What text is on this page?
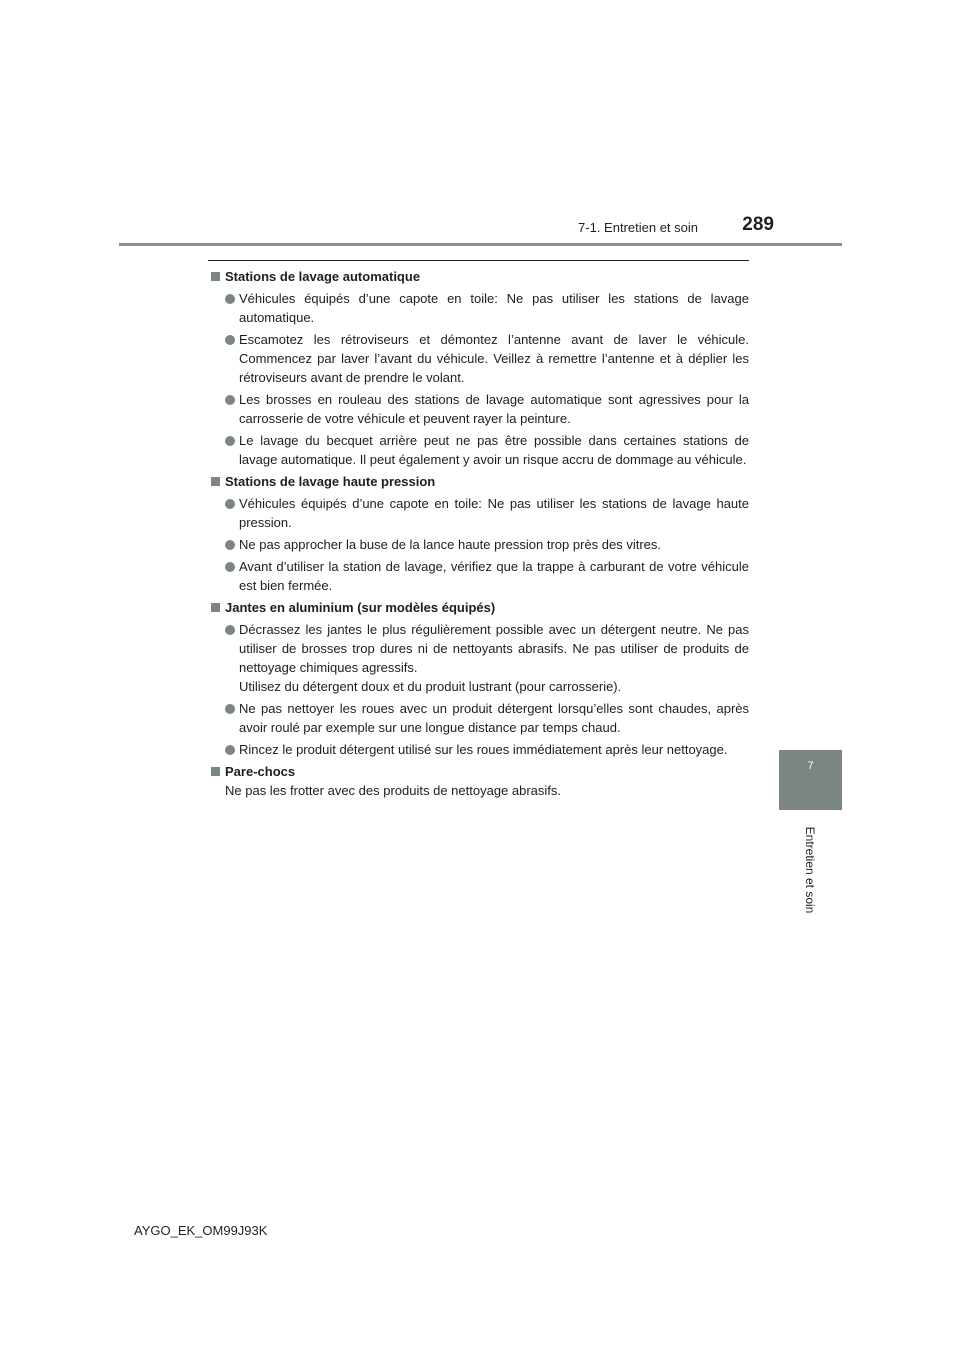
7-1. Entretien et soin	289
7
Entretien et soin
Stations de lavage automatique
Véhicules équipés d’une capote en toile: Ne pas utiliser les stations de lavage automatique.
Escamotez les rétroviseurs et démontez l’antenne avant de laver le véhicule. Commencez par laver l’avant du véhicule. Veillez à remettre l’antenne et à déplier les rétroviseurs avant de prendre le volant.
Les brosses en rouleau des stations de lavage automatique sont agressives pour la carrosserie de votre véhicule et peuvent rayer la peinture.
Le lavage du becquet arrière peut ne pas être possible dans certaines stations de lavage automatique. Il peut également y avoir un risque accru de dommage au véhicule.
Stations de lavage haute pression
Véhicules équipés d’une capote en toile: Ne pas utiliser les stations de lavage haute pression.
Ne pas approcher la buse de la lance haute pression trop près des vitres.
Avant d’utiliser la station de lavage, vérifiez que la trappe à carburant de votre véhicule est bien fermée.
Jantes en aluminium (sur modèles équipés)
Décrassez les jantes le plus régulièrement possible avec un détergent neutre. Ne pas utiliser de brosses trop dures ni de nettoyants abrasifs. Ne pas utiliser de produits de nettoyage chimiques agressifs.
Utilisez du détergent doux et du produit lustrant (pour carrosserie).
Ne pas nettoyer les roues avec un produit détergent lorsqu’elles sont chaudes, après avoir roulé par exemple sur une longue distance par temps chaud.
Rincez le produit détergent utilisé sur les roues immédiatement après leur nettoyage.
Pare-chocs
Ne pas les frotter avec des produits de nettoyage abrasifs.
AYGO_EK_OM99J93K
